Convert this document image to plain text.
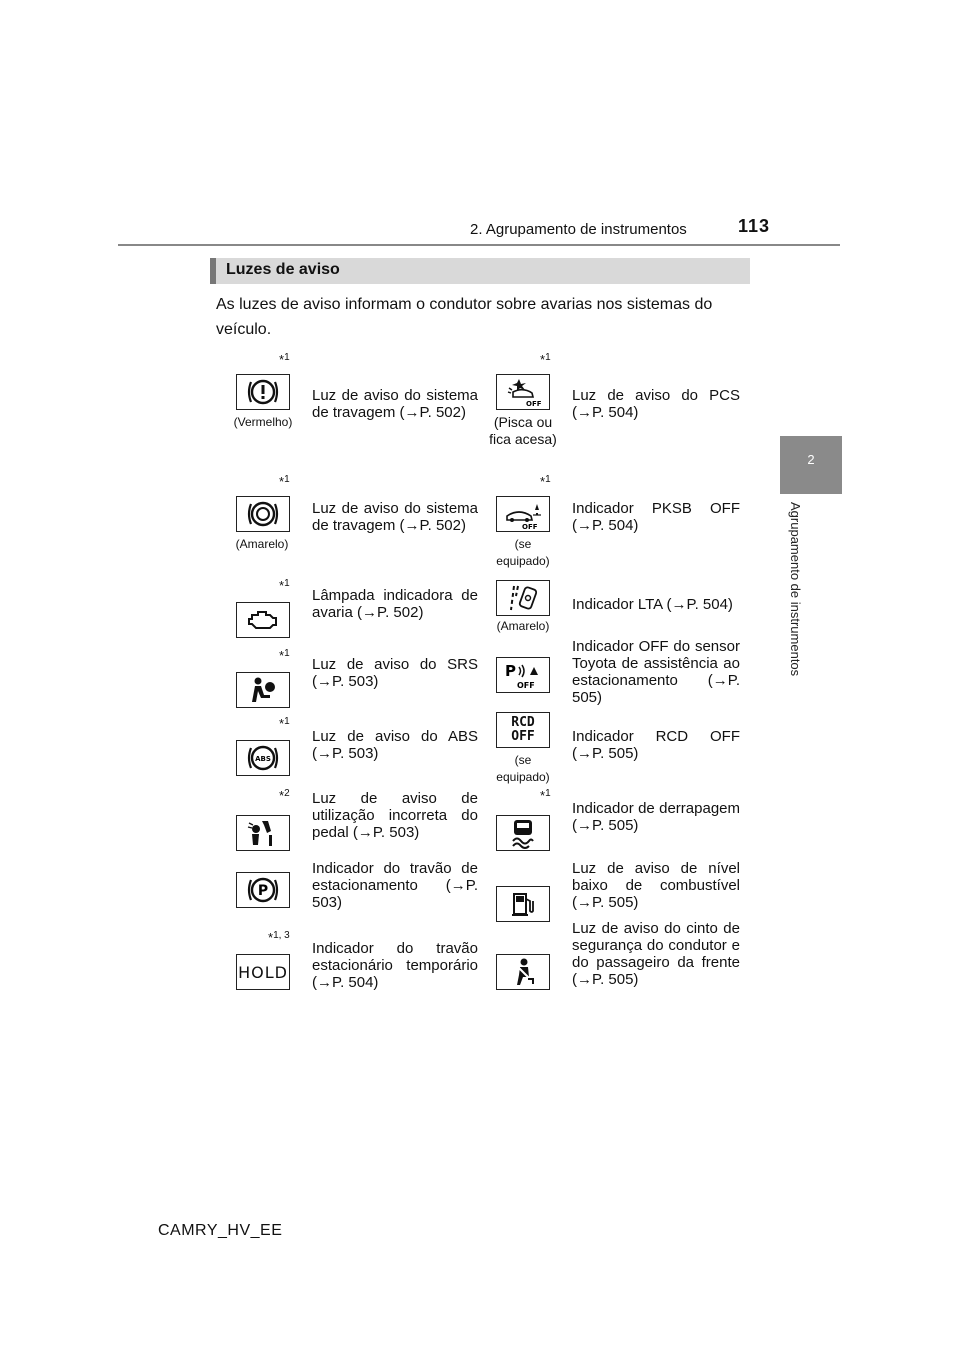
2. Agrupamento de instrumentos	113
2
Agrupamento de instrumentos
Luzes de aviso
As luzes de aviso informam o condutor sobre avarias nos sistemas do veículo.
*$^1$
(Vermelho)
Luz de aviso do sistema de travagem (→P. 502)
*$^1$
OFF
(Pisca ou fica acesa)
Luz de aviso do PCS (→P. 504)
*$^1$
(Amarelo)
Luz de aviso do sistema de travagem (→P. 502)
*$^1$
OFF
(se equipado)
Indicador PKSB OFF (→P. 504)
*$^1$
Lâmpada indicadora de avaria (→P. 502)
(Amarelo)
Indicador LTA (→P. 504)
*$^1$
Luz de aviso do SRS (→P. 503)
P
OFF
Indicador OFF do sensor Toyota de assistência ao estacionamento (→P. 505)
*$^1$
ABS
Luz de aviso do ABS (→P. 503)
RCD
OFF
(se equipado)
Indicador RCD OFF (→P. 505)
*$^2$ Luz de aviso de utilização incorreta do pedal (→P. 503)
*$^1$
Indicador de derrapagem (→P. 505)
P
Indicador do travão de estacionamento (→P. 503)
Luz de aviso de nível baixo de combustível (→P. 505)
*$^{1, 3}$
HOLD
Indicador do travão estacionário temporário (→P. 504)
Luz de aviso do cinto de segurança do condutor e do passageiro da frente (→P. 505)
CAMRY_HV_EE
